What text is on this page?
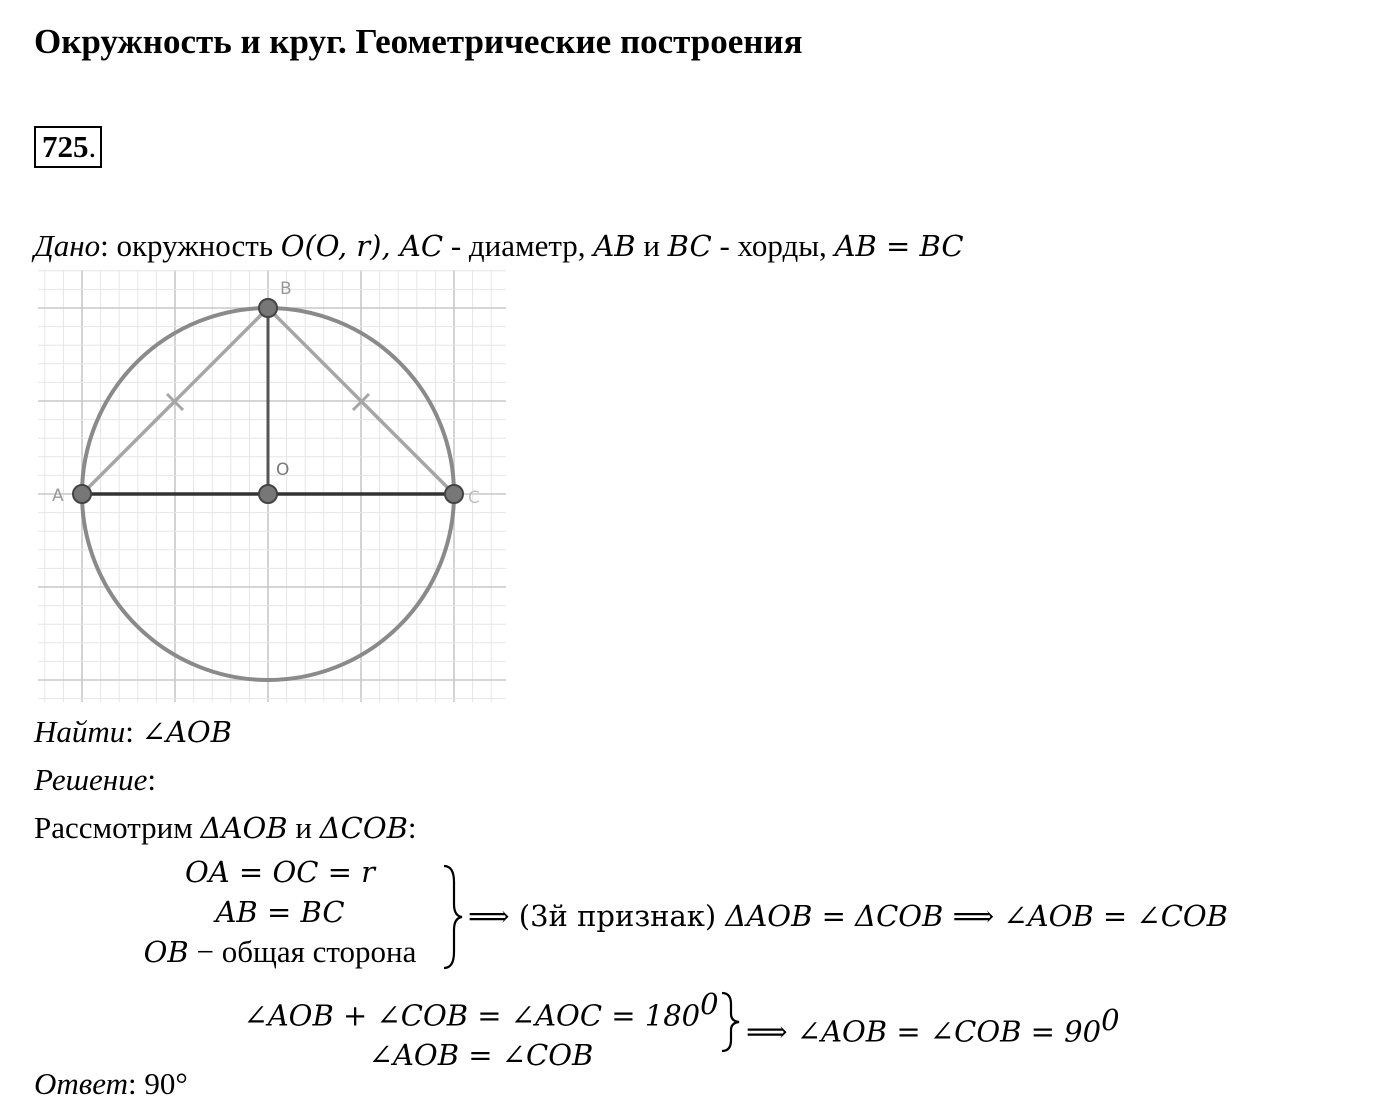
Окружность и круг. Геометрические построения
725.
Дано: окружность O(O, r), AC - диаметр, AB и BC - хорды, AB = BC
A
B
O
C
Найти: ∠AOB
Решение:
Рассмотрим ΔAOB и ΔCOB:
OA = OC = r
AB = BC
OB − общая сторона
⟹ (3й признак) ΔAOB = ΔCOB ⟹ ∠AOB = ∠COB
∠AOB + ∠COB = ∠AOC = $180^0$
∠AOB = ∠COB
⟹ ∠AOB = ∠COB = $90^0$
Ответ: 90°
